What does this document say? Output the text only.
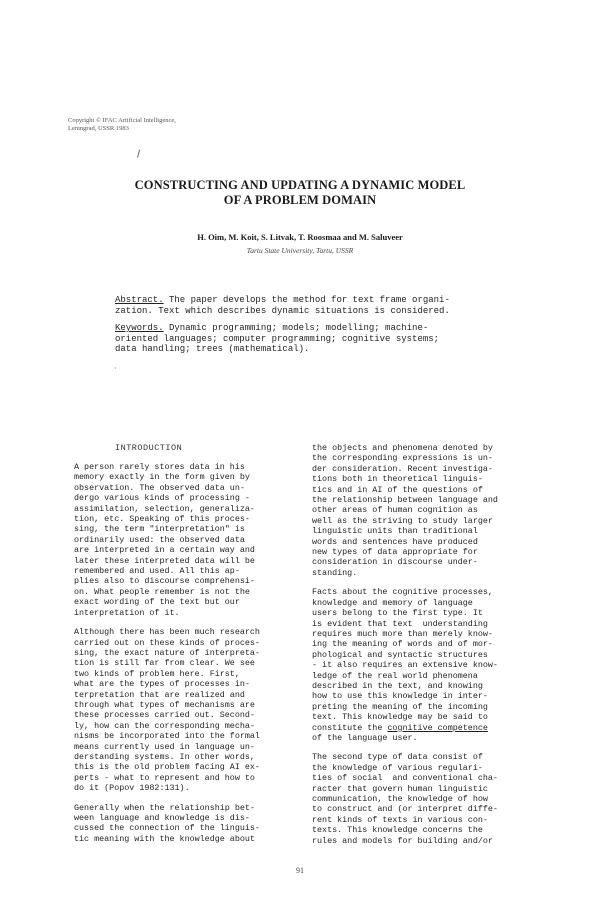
Copyright © IFAC Artificial Intelligence,
Leningrad, USSR 1983
CONSTRUCTING AND UPDATING A DYNAMIC MODEL
OF A PROBLEM DOMAIN
H. Oim, M. Koit, S. Litvak, T. Roosmaa and M. Saluveer
Tartu State University, Tartu, USSR
Abstract. The paper develops the method for text frame organi-
zation. Text which describes dynamic situations is considered.
Keywords. Dynamic programming; models; modelling; machine-
oriented languages; computer programming; cognitive systems;
data handling; trees (mathematical).
·
INTRODUCTION
A person rarely stores data in his
memory exactly in the form given by
observation. The observed data un-
dergo various kinds of processing -
assimilation, selection, generaliza-
tion, etc. Speaking of this proces-
sing, the term "interpretation" is
ordinarily used: the observed data
are interpreted in a certain way and
later these interpreted data will be
remembered and used. All this ap-
plies also to discourse comprehensi-
on. What people remember is not the
exact wording of the text but our
interpretation of it.
Although there has been much research
carried out on these kinds of proces-
sing, the exact nature of interpreta-
tion is still far from clear. We see
two kinds of problem here. First,
what are the types of processes in-
terpretation that are realized and
through what types of mechanisms are
these processes carried out. Second-
ly, how can the corresponding mecha-
nisms be incorporated into the formal
means currently used in language un-
derstanding systems. In other words,
this is the old problem facing AI ex-
perts - what to represent and how to
do it (Popov 1982:131).
Generally when the relationship bet-
ween language and knowledge is dis-
cussed the connection of the linguis-
tic meaning with the knowledge about
the objects and phenomena denoted by
the corresponding expressions is un-
der consideration. Recent investiga-
tions both in theoretical linguis-
tics and in AI of the questions of
the relationship between language and
other areas of human cognition as
well as the striving to study larger
linguistic units than traditional
words and sentences have produced
new types of data appropriate for
consideration in discourse under-
standing.
Facts about the cognitive processes,
knowledge and memory of language
users belong to the first type. It
is evident that text  understanding
requires much more than merely know-
ing the meaning of words and of mor-
phological and syntactic structures
- it also requires an extensive know-
ledge of the real world phenomena
described in the text, and knowing
how to use this knowledge in inter-
preting the meaning of the incoming
text. This knowledge may be said to
constitute the cognitive competence
of the language user.
The second type of data consist of
the knowledge of various regulari-
ties of social  and conventional cha-
racter that govern human linguistic
communication, the knowledge of how
to construct and (or interpret diffe-
rent kinds of texts in various con-
texts. This knowledge concerns the
rules and models for building and/or
91
